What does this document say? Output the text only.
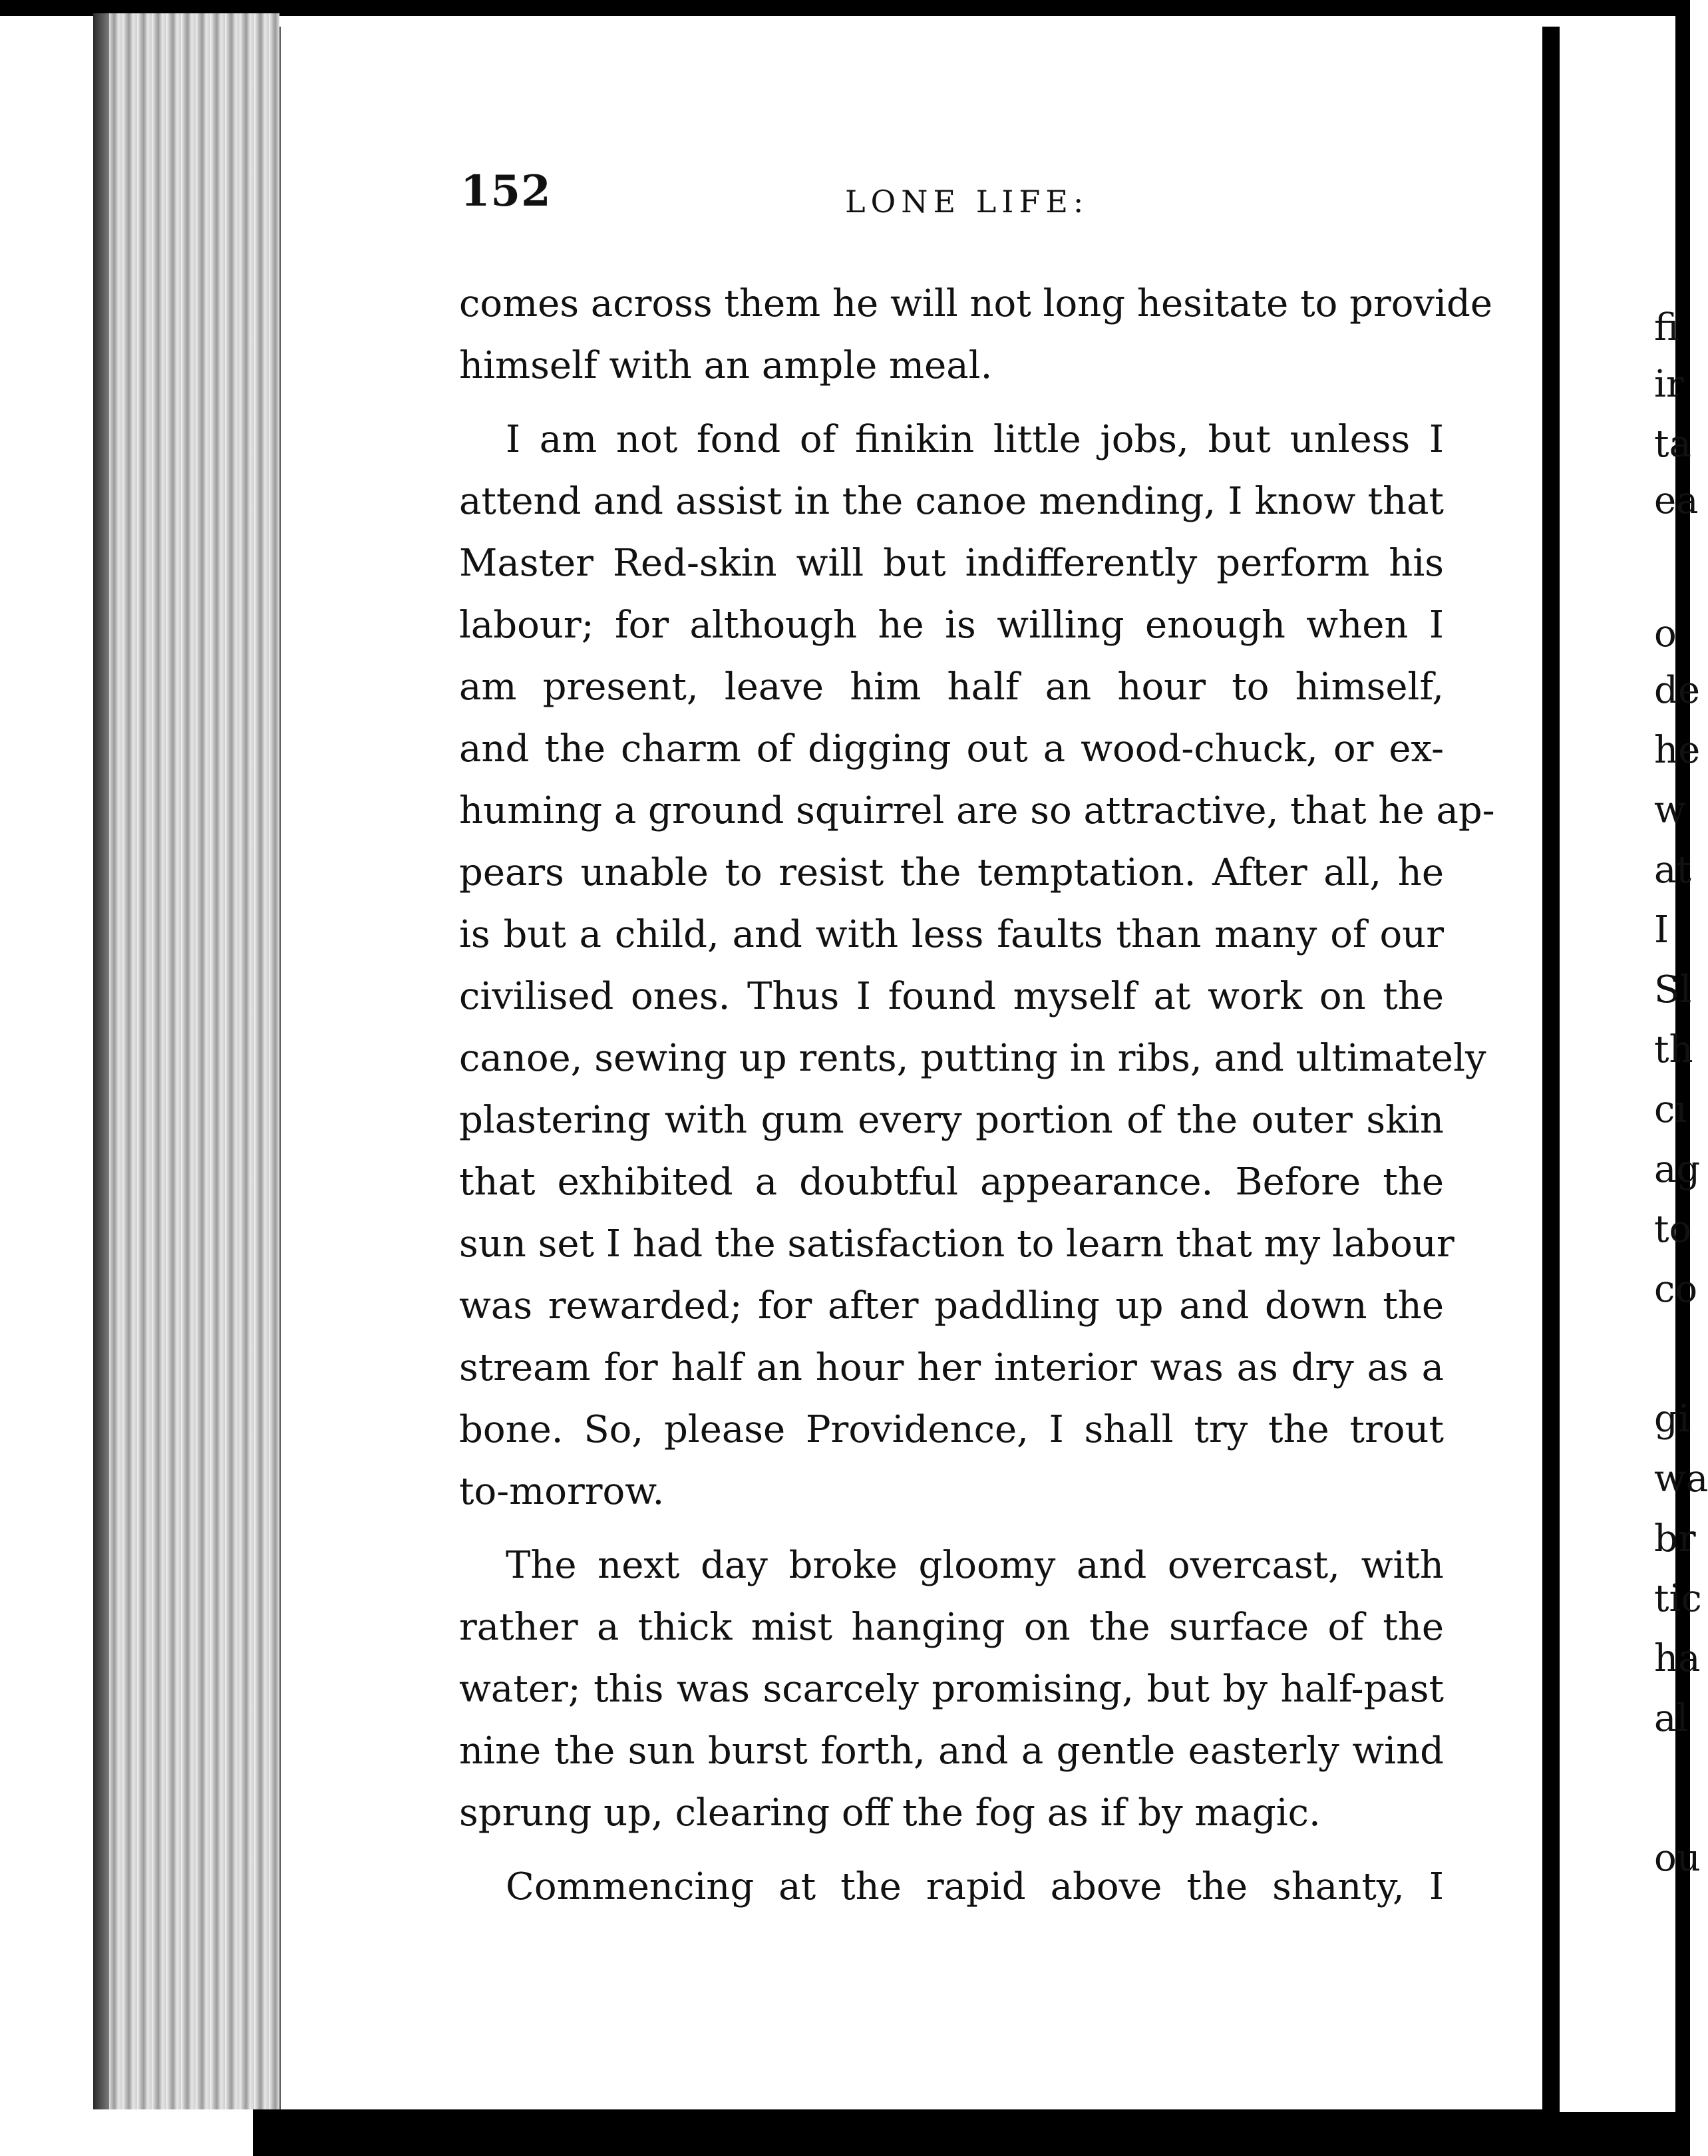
152	LONE LIFE:
comes across them he will not long hesitate to provide
himself with an ample meal.
I am not fond of finikin little jobs, but unless I
attend and assist in the canoe mending, I know that
Master Red-skin will but indifferently perform his
labour; for although he is willing enough when I
am present, leave him half an hour to himself,
and the charm of digging out a wood-chuck, or ex-
huming a ground squirrel are so attractive, that he ap-
pears unable to resist the temptation. After all, he
is but a child, and with less faults than many of our
civilised ones. Thus I found myself at work on the
canoe, sewing up rents, putting in ribs, and ultimately
plastering with gum every portion of the outer skin
that exhibited a doubtful appearance. Before the
sun set I had the satisfaction to learn that my labour
was rewarded; for after paddling up and down the
stream for half an hour her interior was as dry as a
bone. So, please Providence, I shall try the trout
to-morrow.
The next day broke gloomy and overcast, with
rather a thick mist hanging on the surface of the
water; this was scarcely promising, but by half-past
nine the sun burst forth, and a gentle easterly wind
sprung up, clearing off the fog as if by magic.
Commencing at the rapid above the shanty, I
fi
ir
ta
ea
o
de
he
w
at
I
Sl
th
cı
ag
to
co
gi
wa
br
tic
ha
al
ou
